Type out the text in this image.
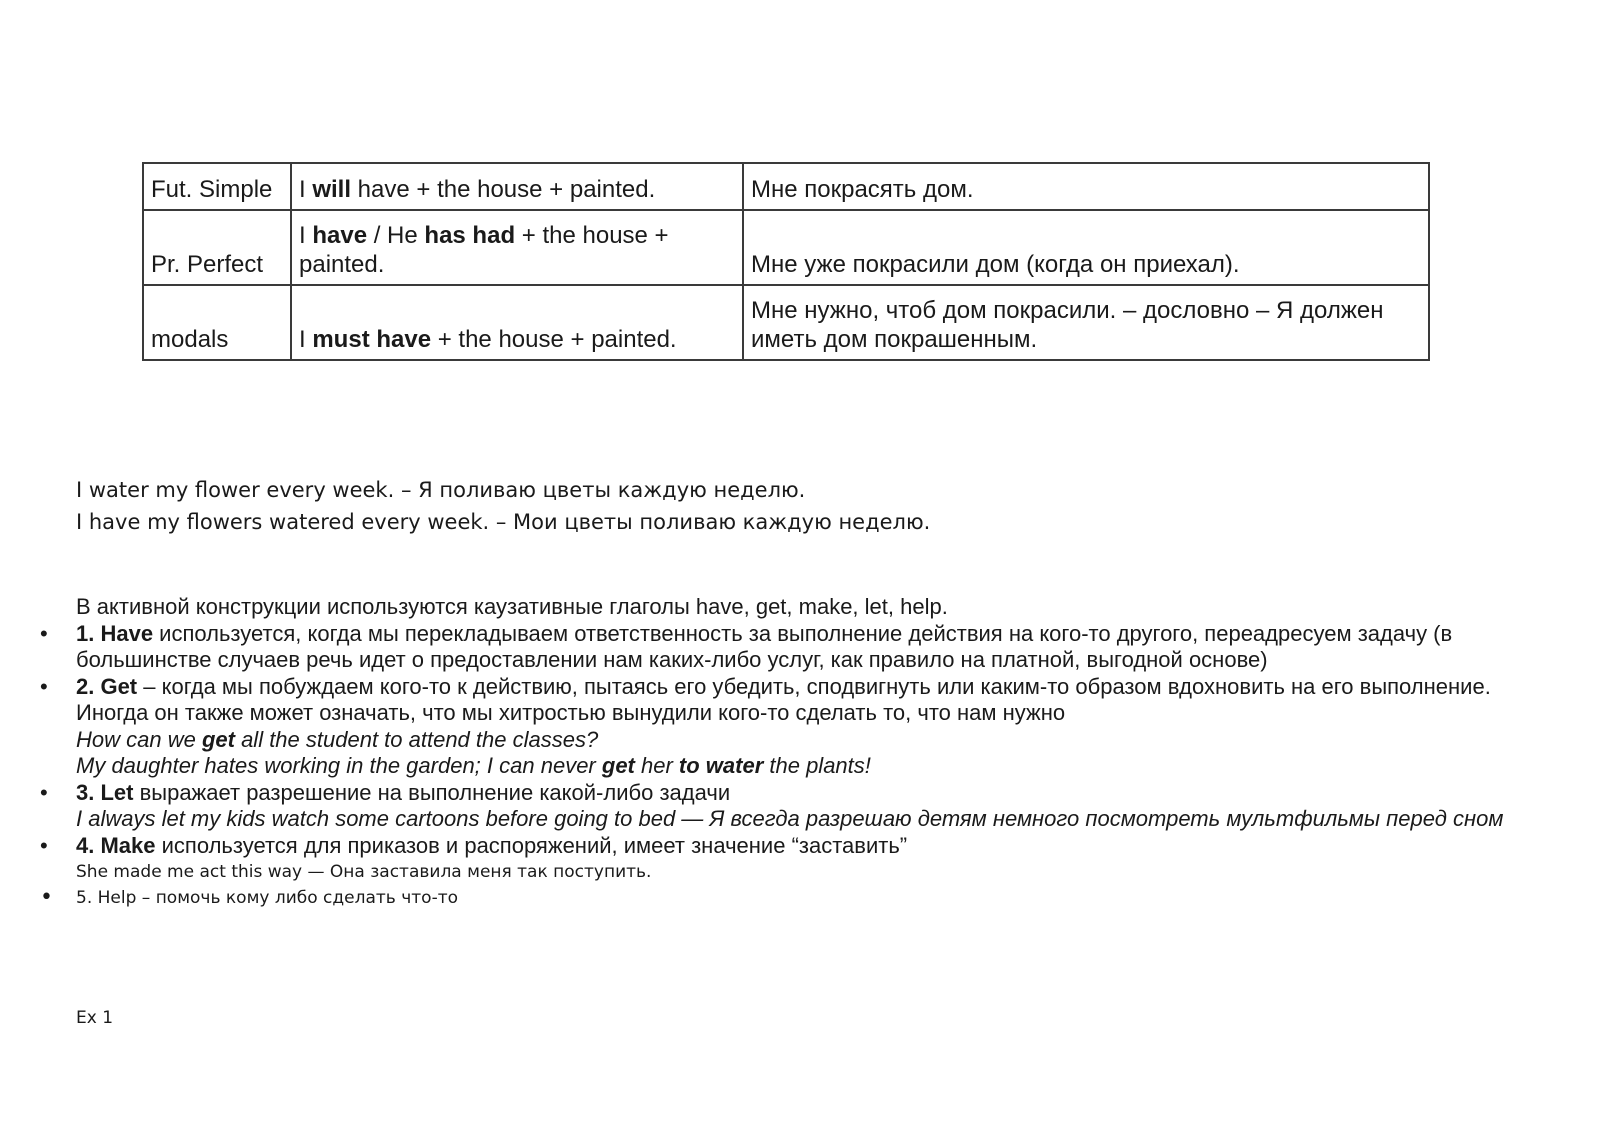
Fut. Simple	I will have + the house + painted.	Мне покрасять дом.
Pr. Perfect	I have / He has had + the house + painted.	Мне уже покрасили дом (когда он приехал).
modals	I must have + the house + painted.	Мне нужно, чтоб дом покрасили. – дословно – Я должен иметь дом покрашенным.
I water my flower every week. – Я поливаю цветы каждую неделю.
I have my flowers watered every week. – Мои цветы поливаю каждую неделю.
В активной конструкции используются каузативные глаголы have, get, make, let, help.
• 1. Have используется, когда мы перекладываем ответственность за выполнение действия на кого-то другого, переадресуем задачу (в большинстве случаев речь идет о предоставлении нам каких-либо услуг, как правило на платной, выгодной основе)
• 2. Get – когда мы побуждаем кого-то к действию, пытаясь его убедить, сподвигнуть или каким-то образом вдохновить на его выполнение. Иногда он также может означать, что мы хитростью вынудили кого-то сделать то, что нам нужно
How can we get all the student to attend the classes?
My daughter hates working in the garden; I can never get her to water the plants!
• 3. Let выражает разрешение на выполнение какой-либо задачи
I always let my kids watch some cartoons before going to bed — Я всегда разрешаю детям немного посмотреть мультфильмы перед сном
• 4. Make используется для приказов и распоряжений, имеет значение “заставить”
She made me act this way — Она заставила меня так поступить.
• 5. Help – помочь кому либо сделать что-то
Ex 1
